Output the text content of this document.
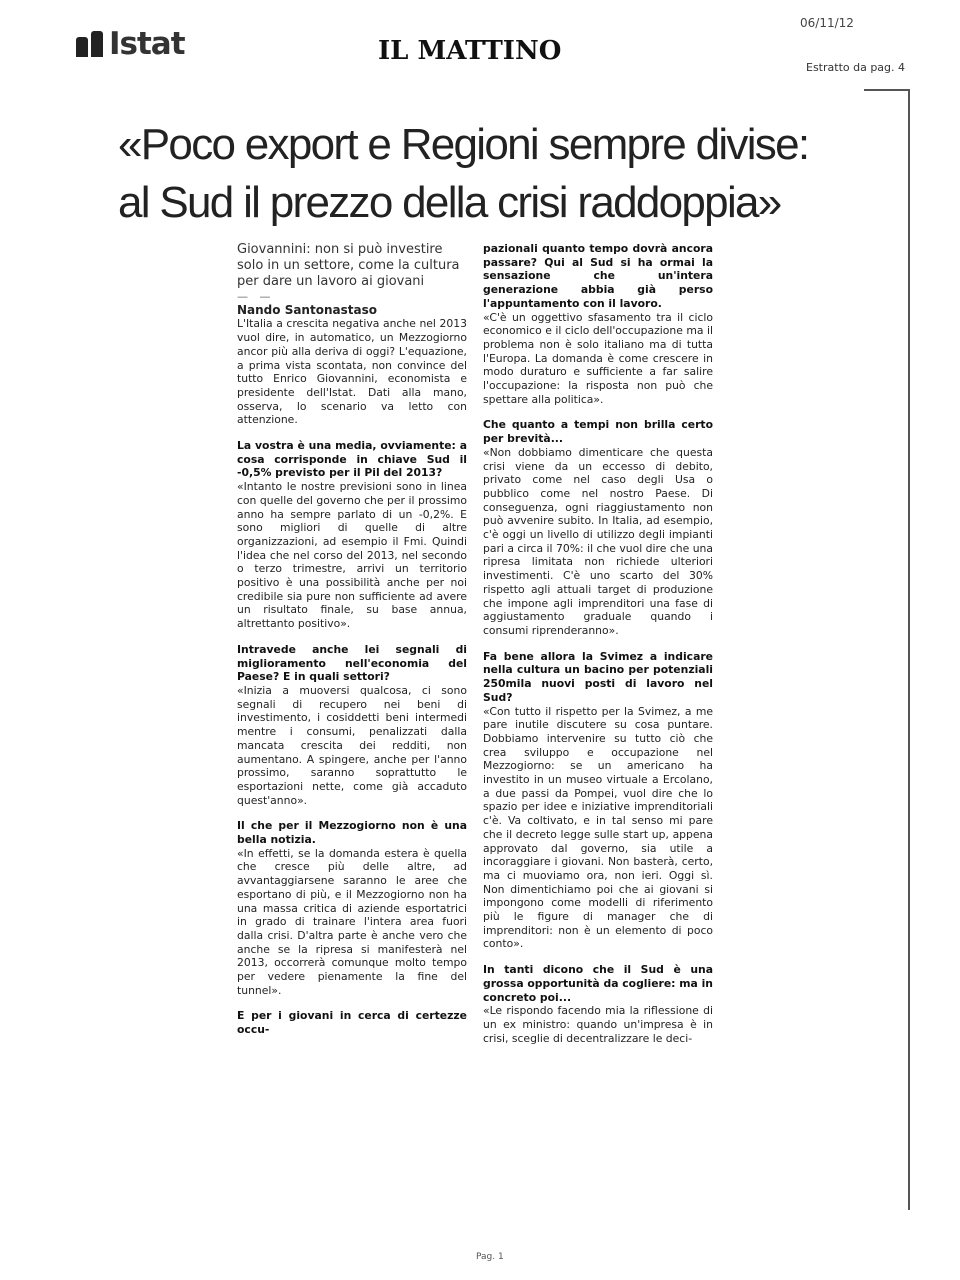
Istat	IL MATTINO
06/11/12
Estratto da pag. 4
«Poco export e Regioni sempre divise:
al Sud il prezzo della crisi raddoppia»

Giovannini: non si può investire solo in un settore, come la cultura per dare un lavoro ai giovani

— —

Nando Santonastaso

L'Italia a crescita negativa anche nel 2013 vuol dire, in automatico, un Mezzogiorno ancor più alla deriva di oggi? L'equazione, a prima vista scontata, non convince del tutto Enrico Giovannini, economista e presidente dell'Istat. Dati alla mano, osserva, lo scenario va letto con attenzione.

La vostra è una media, ovviamente: a cosa corrisponde in chiave Sud il -0,5% previsto per il Pil del 2013?

«Intanto le nostre previsioni sono in linea con quelle del governo che per il prossimo anno ha sempre parlato di un -0,2%. E sono migliori di quelle di altre organizzazioni, ad esempio il Fmi. Quindi l'idea che nel corso del 2013, nel secondo o terzo trimestre, arrivi un territorio positivo è una possibilità anche per noi credibile sia pure non sufficiente ad avere un risultato finale, su base annua, altrettanto positivo».

Intravede anche lei segnali di miglioramento nell'economia del Paese? E in quali settori?

«Inizia a muoversi qualcosa, ci sono segnali di recupero nei beni di investimento, i cosiddetti beni intermedi mentre i consumi, penalizzati dalla mancata crescita dei redditi, non aumentano. A spingere, anche per l'anno prossimo, saranno soprattutto le esportazioni nette, come già accaduto quest'anno».

Il che per il Mezzogiorno non è una bella notizia.

«In effetti, se la domanda estera è quella che cresce più delle altre, ad avvantaggiarsene saranno le aree che esportano di più, e il Mezzogiorno non ha una massa critica di aziende esportatrici in grado di trainare l'intera area fuori dalla crisi. D'altra parte è anche vero che anche se la ripresa si manifesterà nel 2013, occorrerà comunque molto tempo per vedere pienamente la fine del tunnel».

E per i giovani in cerca di certezze occu-

pazionali quanto tempo dovrà ancora passare? Qui al Sud si ha ormai la sensazione che un'intera generazione abbia già perso l'appuntamento con il lavoro.

«C'è un oggettivo sfasamento tra il ciclo economico e il ciclo dell'occupazione ma il problema non è solo italiano ma di tutta l'Europa. La domanda è come crescere in modo duraturo e sufficiente a far salire l'occupazione: la risposta non può che spettare alla politica».

Che quanto a tempi non brilla certo per brevità...

«Non dobbiamo dimenticare che questa crisi viene da un eccesso di debito, privato come nel caso degli Usa o pubblico come nel nostro Paese. Di conseguenza, ogni riaggiustamento non può avvenire subito. In Italia, ad esempio, c'è oggi un livello di utilizzo degli impianti pari a circa il 70%: il che vuol dire che una ripresa limitata non richiede ulteriori investimenti. C'è uno scarto del 30% rispetto agli attuali target di produzione che impone agli imprenditori una fase di aggiustamento graduale quando i consumi riprenderanno».

Fa bene allora la Svimez a indicare nella cultura un bacino per potenziali 250mila nuovi posti di lavoro nel Sud?

«Con tutto il rispetto per la Svimez, a me pare inutile discutere su cosa puntare. Dobbiamo intervenire su tutto ciò che crea sviluppo e occupazione nel Mezzogiorno: se un americano ha investito in un museo virtuale a Ercolano, a due passi da Pompei, vuol dire che lo spazio per idee e iniziative imprenditoriali c'è. Va coltivato, e in tal senso mi pare che il decreto legge sulle start up, appena approvato dal governo, sia utile a incoraggiare i giovani. Non basterà, certo, ma ci muoviamo ora, non ieri. Oggi sì. Non dimentichiamo poi che ai giovani si impongono come modelli di riferimento più le figure di manager che di imprenditori: non è un elemento di poco conto».

In tanti dicono che il Sud è una grossa opportunità da cogliere: ma in concreto poi...

«Le rispondo facendo mia la riflessione di un ex ministro: quando un'impresa è in crisi, sceglie di decentralizzare le deci-

Pag. 1
